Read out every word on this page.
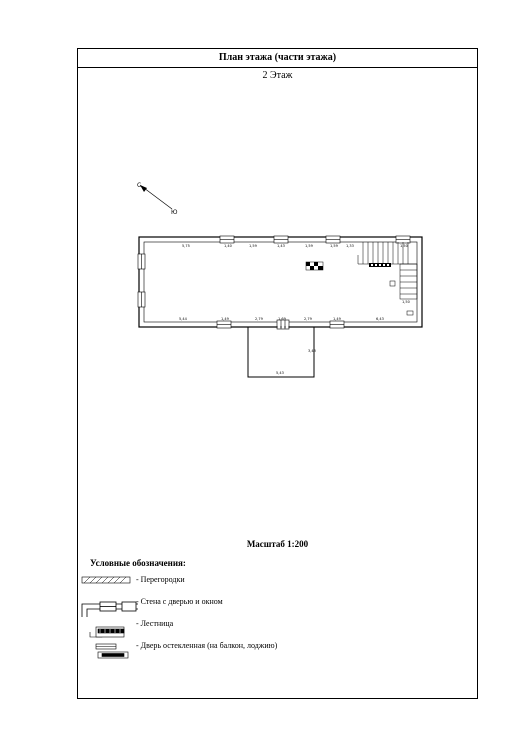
План этажа (части этажа)
2 Этаж
С
Ю
5,75	1,40	1,59	1,43	1,59	1,59 1,33	1,50
5,44	1,49	2,79	1,69	2,79	1,49	6,43
5,43
3,43
1,50
Масштаб 1:200
Условные обозначения:
- Перегородки
- Стена с дверью и окном
- Лестница
- Дверь остекленная (на балкон, лоджию)
